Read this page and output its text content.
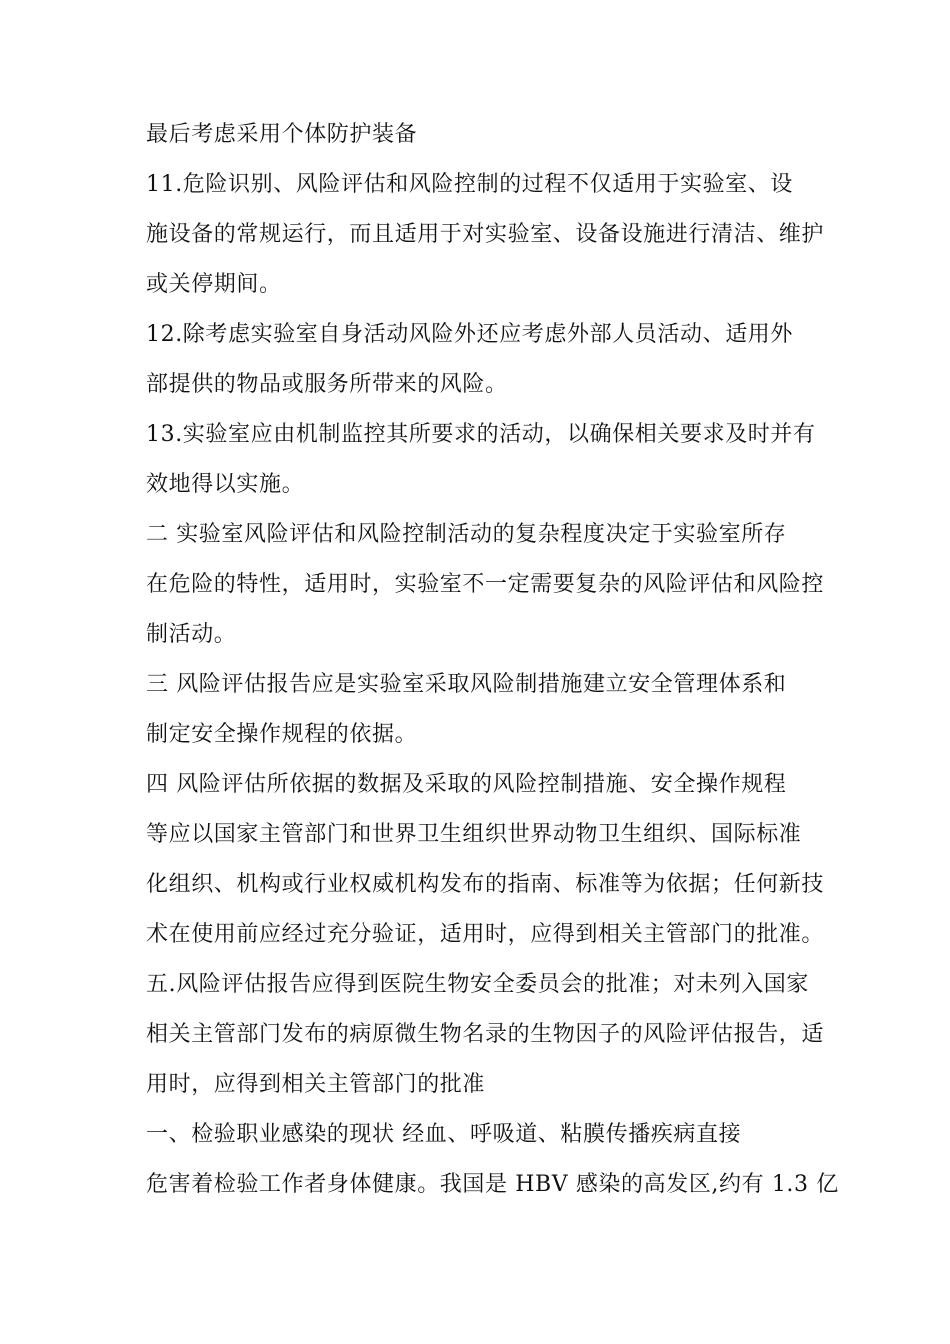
最后考虑采用个体防护装备
11.危险识别、风险评估和风险控制的过程不仅适用于实验室、设
施设备的常规运行，而且适用于对实验室、设备设施进行清洁、维护
或关停期间。
12.除考虑实验室自身活动风险外还应考虑外部人员活动、适用外
部提供的物品或服务所带来的风险。
13.实验室应由机制监控其所要求的活动，以确保相关要求及时并有
效地得以实施。
二 实验室风险评估和风险控制活动的复杂程度决定于实验室所存
在危险的特性，适用时，实验室不一定需要复杂的风险评估和风险控
制活动。
三 风险评估报告应是实验室采取风险制措施建立安全管理体系和
制定安全操作规程的依据。
四 风险评估所依据的数据及采取的风险控制措施、安全操作规程
等应以国家主管部门和世界卫生组织世界动物卫生组织、国际标准
化组织、机构或行业权威机构发布的指南、标准等为依据；任何新技
术在使用前应经过充分验证，适用时，应得到相关主管部门的批准。
五.风险评估报告应得到医院生物安全委员会的批准；对未列入国家
相关主管部门发布的病原微生物名录的生物因子的风险评估报告，适
用时，应得到相关主管部门的批准
一、检验职业感染的现状 经血、呼吸道、粘膜传播疾病直接
危害着检验工作者身体健康。我国是 HBV 感染的高发区,约有 1.3 亿
